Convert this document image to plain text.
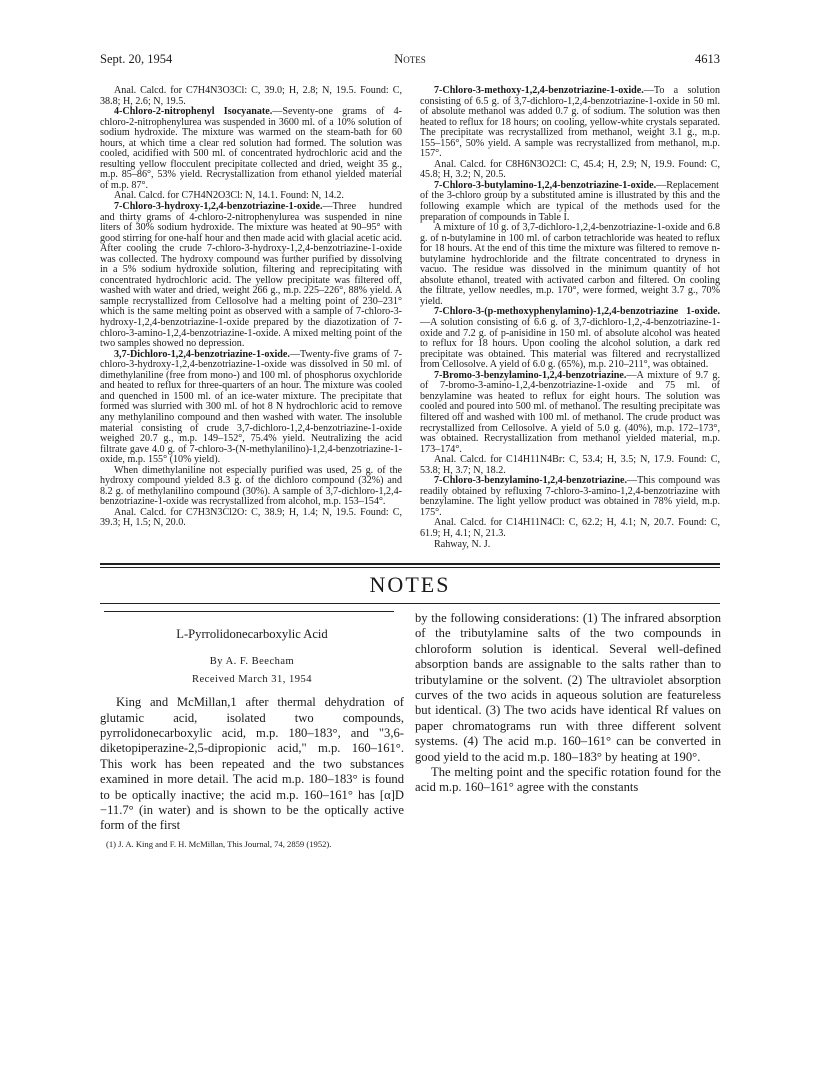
Sept. 20, 1954	Notes	4613

Anal. Calcd. for C7H4N3O3Cl: C, 39.0; H, 2.8; N, 19.5. Found: C, 38.8; H, 2.6; N, 19.5.

4-Chloro-2-nitrophenyl Isocyanate.—Seventy-one grams of 4-chloro-2-nitrophenylurea was suspended in 3600 ml. of a 10% solution of sodium hydroxide. The mixture was warmed on the steam-bath for 60 hours, at which time a clear red solution had formed. The solution was cooled, acidified with 500 ml. of concentrated hydrochloric acid and the resulting yellow flocculent precipitate collected and dried, weight 35 g., m.p. 85–86°, 53% yield. Recrystallization from ethanol yielded material of m.p. 87°.

Anal. Calcd. for C7H4N2O3Cl: N, 14.1. Found: N, 14.2.

7-Chloro-3-hydroxy-1,2,4-benzotriazine-1-oxide.—Three hundred and thirty grams of 4-chloro-2-nitrophenylurea was suspended in nine liters of 30% sodium hydroxide. The mixture was heated at 90–95° with good stirring for one-half hour and then made acid with glacial acetic acid. After cooling the crude 7-chloro-3-hydroxy-1,2,4-benzotriazine-1-oxide was collected. The hydroxy compound was further purified by dissolving in a 5% sodium hydroxide solution, filtering and reprecipitating with concentrated hydrochloric acid. The yellow precipitate was filtered off, washed with water and dried, weight 266 g., m.p. 225–226°, 88% yield. A sample recrystallized from Cellosolve had a melting point of 230–231° which is the same melting point as observed with a sample of 7-chloro-3-hydroxy-1,2,4-benzotriazine-1-oxide prepared by the diazotization of 7-chloro-3-amino-1,2,4-benzotriazine-1-oxide. A mixed melting point of the two samples showed no depression.

3,7-Dichloro-1,2,4-benzotriazine-1-oxide.—Twenty-five grams of 7-chloro-3-hydroxy-1,2,4-benzotriazine-1-oxide was dissolved in 50 ml. of dimethylaniline (free from mono-) and 100 ml. of phosphorus oxychloride and heated to reflux for three-quarters of an hour. The mixture was cooled and quenched in 1500 ml. of an ice-water mixture. The precipitate that formed was slurried with 300 ml. of hot 8 N hydrochloric acid to remove any methylanilino compound and then washed with water. The insoluble material consisting of crude 3,7-dichloro-1,2,4-benzotriazine-1-oxide weighed 20.7 g., m.p. 149–152°, 75.4% yield. Neutralizing the acid filtrate gave 4.0 g. of 7-chloro-3-(N-methylanilino)-1,2,4-benzotriazine-1-oxide, m.p. 155° (10% yield).

When dimethylaniline not especially purified was used, 25 g. of the hydroxy compound yielded 8.3 g. of the dichloro compound (32%) and 8.2 g. of methylanilino compound (30%). A sample of 3,7-dichloro-1,2,4-benzotriazine-1-oxide was recrystallized from alcohol, m.p. 153–154°.

Anal. Calcd. for C7H3N3Cl2O: C, 38.9; H, 1.4; N, 19.5. Found: C, 39.3; H, 1.5; N, 20.0.

7-Chloro-3-methoxy-1,2,4-benzotriazine-1-oxide.—To a solution consisting of 6.5 g. of 3,7-dichloro-1,2,4-benzotriazine-1-oxide in 50 ml. of absolute methanol was added 0.7 g. of sodium. The solution was then heated to reflux for 18 hours; on cooling, yellow-white crystals separated. The precipitate was recrystallized from methanol, weight 3.1 g., m.p. 155–156°, 50% yield. A sample was recrystallized from methanol, m.p. 157°.

Anal. Calcd. for C8H6N3O2Cl: C, 45.4; H, 2.9; N, 19.9. Found: C, 45.8; H, 3.2; N, 20.5.

7-Chloro-3-butylamino-1,2,4-benzotriazine-1-oxide.—Replacement of the 3-chloro group by a substituted amine is illustrated by this and the following example which are typical of the methods used for the preparation of compounds in Table I.

A mixture of 10 g. of 3,7-dichloro-1,2,4-benzotriazine-1-oxide and 6.8 g. of n-butylamine in 100 ml. of carbon tetrachloride was heated to reflux for 18 hours. At the end of this time the mixture was filtered to remove n-butylamine hydrochloride and the filtrate concentrated to dryness in vacuo. The residue was dissolved in the minimum quantity of hot absolute ethanol, treated with activated carbon and filtered. On cooling the filtrate, yellow needles, m.p. 170°, were formed, weight 3.7 g., 70% yield.

7-Chloro-3-(p-methoxyphenylamino)-1,2,4-benzotriazine 1-oxide.—A solution consisting of 6.6 g. of 3,7-dichloro-1,2,-4-benzotriazine-1-oxide and 7.2 g. of p-anisidine in 150 ml. of absolute alcohol was heated to reflux for 18 hours. Upon cooling the alcohol solution, a dark red precipitate was obtained. This material was filtered and recrystallized from Cellosolve. A yield of 6.0 g. (65%), m.p. 210–211°, was obtained.

7-Bromo-3-benzylamino-1,2,4-benzotriazine.—A mixture of 9.7 g. of 7-bromo-3-amino-1,2,4-benzotriazine-1-oxide and 75 ml. of benzylamine was heated to reflux for eight hours. The solution was cooled and poured into 500 ml. of methanol. The resulting precipitate was filtered off and washed with 100 ml. of methanol. The crude product was recrystallized from Cellosolve. A yield of 5.0 g. (40%), m.p. 172–173°, was obtained. Recrystallization from methanol yielded material, m.p. 173–174°.

Anal. Calcd. for C14H11N4Br: C, 53.4; H, 3.5; N, 17.9. Found: C, 53.8; H, 3.7; N, 18.2.

7-Chloro-3-benzylamino-1,2,4-benzotriazine.—This compound was readily obtained by refluxing 7-chloro-3-amino-1,2,4-benzotriazine with benzylamine. The light yellow product was obtained in 78% yield, m.p. 175°.

Anal. Calcd. for C14H11N4Cl: C, 62.2; H, 4.1; N, 20.7. Found: C, 61.9; H, 4.1; N, 21.3.

Rahway, N. J.

NOTES

L-Pyrrolidonecarboxylic Acid

By A. F. Beecham

Received March 31, 1954

King and McMillan,1 after thermal dehydration of glutamic acid, isolated two compounds, pyrrolidonecarboxylic acid, m.p. 180–183°, and "3,6-diketopiperazine-2,5-dipropionic acid," m.p. 160–161°. This work has been repeated and the two substances examined in more detail. The acid m.p. 180–183° is found to be optically inactive; the acid m.p. 160–161° has [α]D −11.7° (in water) and is shown to be the optically active form of the first

(1) J. A. King and F. H. McMillan, This Journal, 74, 2859 (1952).

by the following considerations: (1) The infrared absorption of the tributylamine salts of the two compounds in chloroform solution is identical. Several well-defined absorption bands are assignable to the salts rather than to tributylamine or the solvent. (2) The ultraviolet absorption curves of the two acids in aqueous solution are featureless but identical. (3) The two acids have identical Rf values on paper chromatograms run with three different solvent systems. (4) The acid m.p. 160–161° can be converted in good yield to the acid m.p. 180–183° by heating at 190°.

The melting point and the specific rotation found for the acid m.p. 160–161° agree with the constants
